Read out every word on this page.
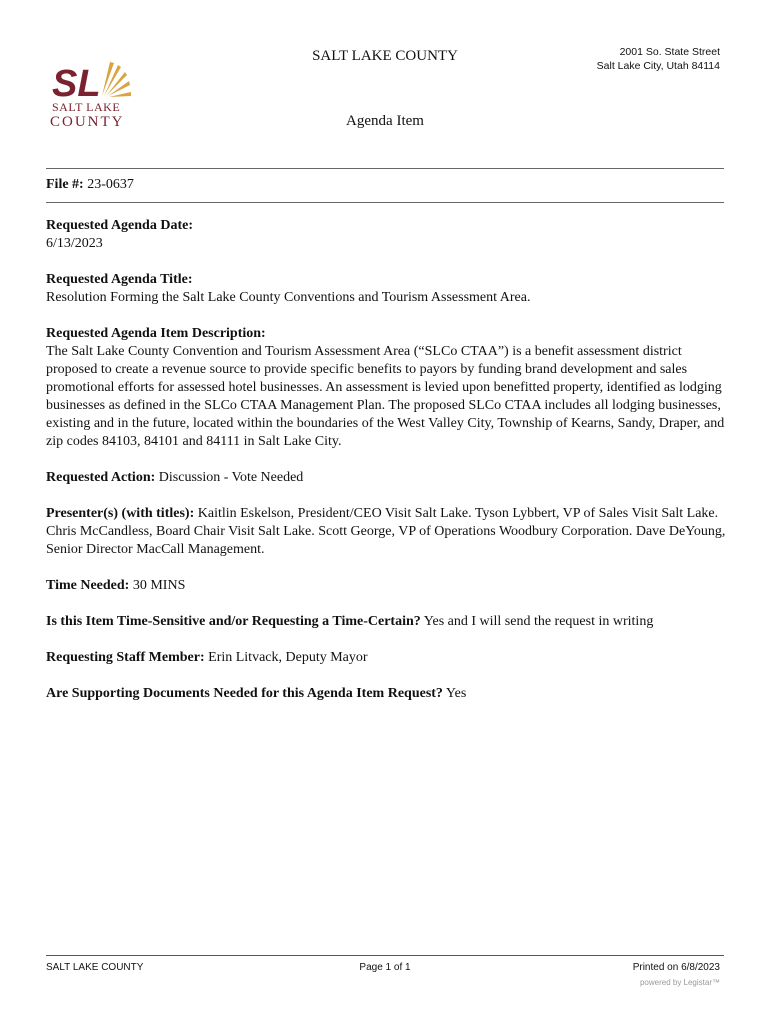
SL
SALT LAKE
COUNTY
SALT LAKE COUNTY	2001 So. State Street
Salt Lake City, Utah 84114
Agenda Item
File #: 23-0637
Requested Agenda Date:
6/13/2023
Requested Agenda Title:
Resolution Forming the Salt Lake County Conventions and Tourism Assessment Area.
Requested Agenda Item Description:
The Salt Lake County Convention and Tourism Assessment Area (“SLCo CTAA”) is a benefit assessment district proposed to create a revenue source to provide specific benefits to payors by funding brand development and sales promotional efforts for assessed hotel businesses. An assessment is levied upon benefitted property, identified as lodging businesses as defined in the SLCo CTAA Management Plan. The proposed SLCo CTAA includes all lodging businesses, existing and in the future, located within the boundaries of the West Valley City, Township of Kearns, Sandy, Draper, and zip codes 84103, 84101 and 84111 in Salt Lake City.
Requested Action: Discussion - Vote Needed
Presenter(s) (with titles): Kaitlin Eskelson, President/CEO Visit Salt Lake. Tyson Lybbert, VP of Sales Visit Salt Lake. Chris McCandless, Board Chair Visit Salt Lake. Scott George, VP of Operations Woodbury Corporation. Dave DeYoung, Senior Director MacCall Management.
Time Needed: 30 MINS
Is this Item Time-Sensitive and/or Requesting a Time-Certain? Yes and I will send the request in writing
Requesting Staff Member: Erin Litvack, Deputy Mayor
Are Supporting Documents Needed for this Agenda Item Request? Yes
SALT LAKE COUNTY	Page 1 of 1	Printed on 6/8/2023
powered by Legistar™
